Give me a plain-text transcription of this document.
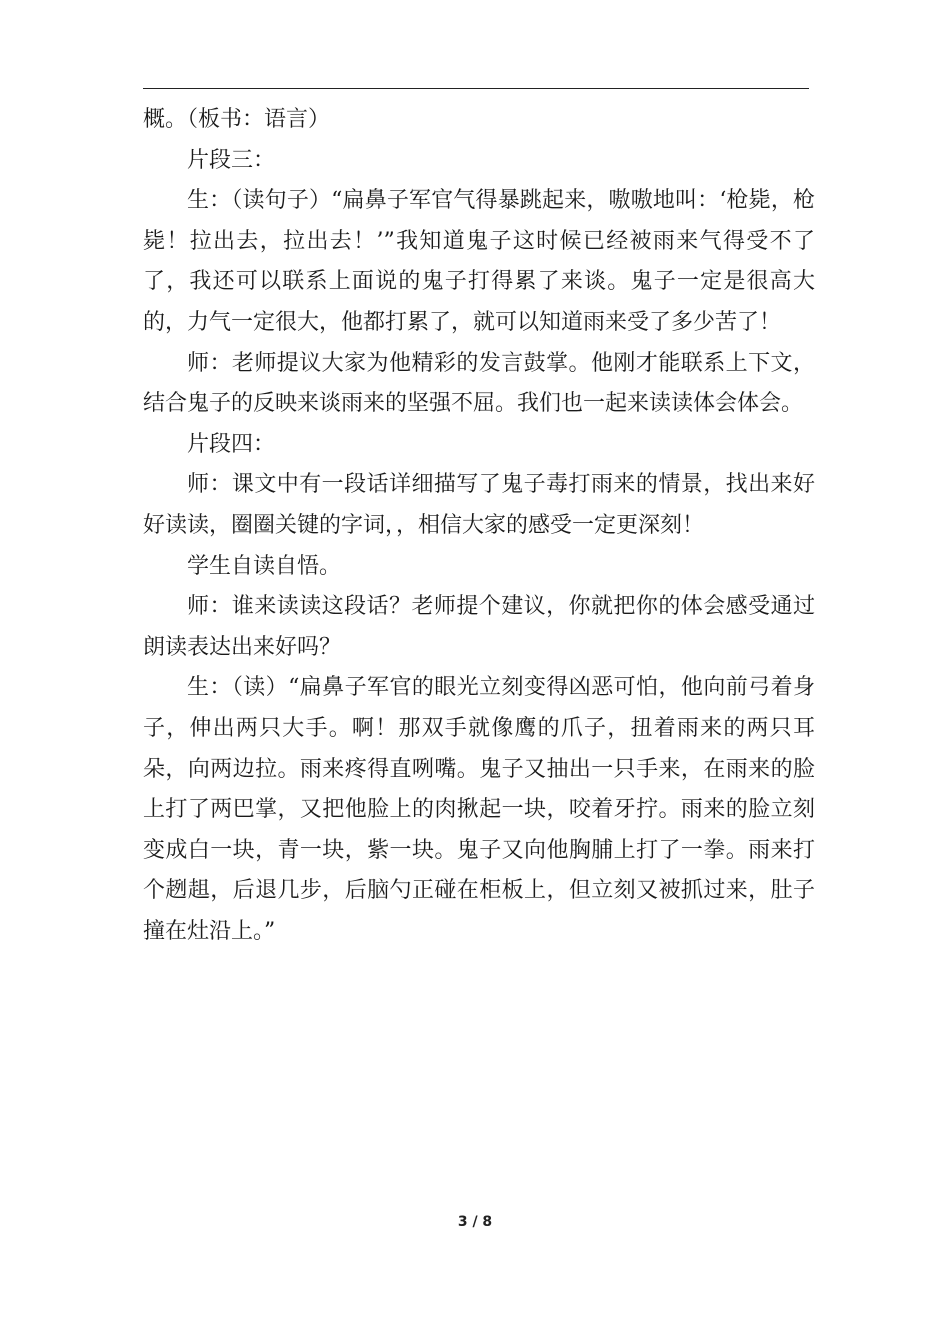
概。（板书：语言）

片段三：

生：（读句子）“扁鼻子军官气得暴跳起来，嗷嗷地叫：‘枪毙，枪毙！拉出去，拉出去！’”我知道鬼子这时候已经被雨来气得受不了了，我还可以联系上面说的鬼子打得累了来谈。鬼子一定是很高大的，力气一定很大，他都打累了，就可以知道雨来受了多少苦了！

师：老师提议大家为他精彩的发言鼓掌。他刚才能联系上下文，结合鬼子的反映来谈雨来的坚强不屈。我们也一起来读读体会体会。

片段四：

师：课文中有一段话详细描写了鬼子毒打雨来的情景，找出来好好读读，圈圈关键的字词，，相信大家的感受一定更深刻！

学生自读自悟。

师：谁来读读这段话？老师提个建议，你就把你的体会感受通过朗读表达出来好吗？

生：（读）“扁鼻子军官的眼光立刻变得凶恶可怕，他向前弓着身子，伸出两只大手。啊！那双手就像鹰的爪子，扭着雨来的两只耳朵，向两边拉。雨来疼得直咧嘴。鬼子又抽出一只手来，在雨来的脸上打了两巴掌，又把他脸上的肉揪起一块，咬着牙拧。雨来的脸立刻变成白一块，青一块，紫一块。鬼子又向他胸脯上打了一拳。雨来打个趔趄，后退几步，后脑勺正碰在柜板上，但立刻又被抓过来，肚子撞在灶沿上。”

3 / 8
